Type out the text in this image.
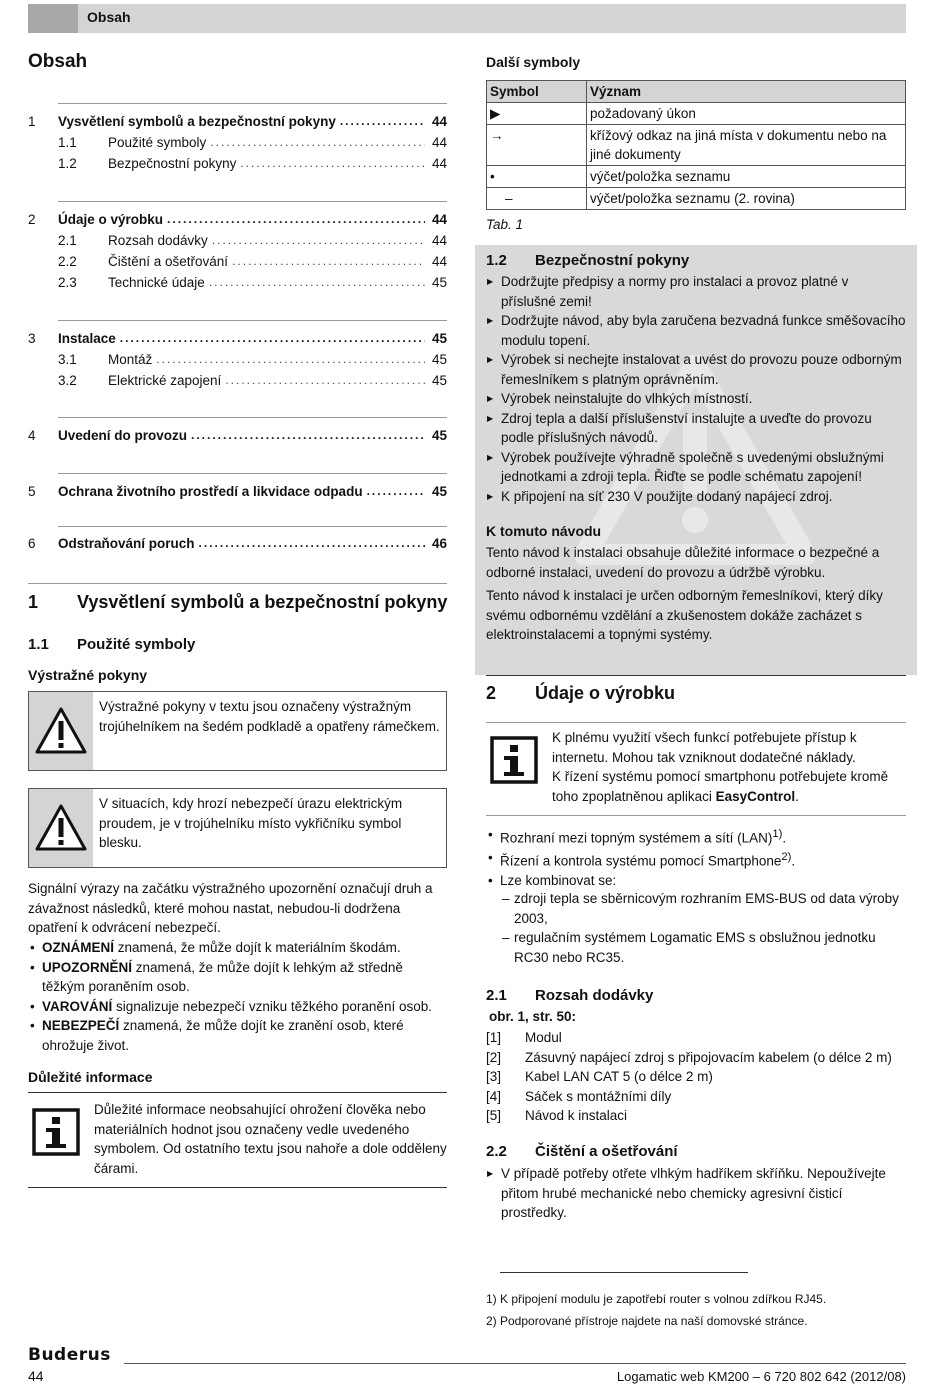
Obsah
Obsah
1	Vysvětlení symbolů a bezpečnostní pokyny .....	44
1.1	Použité symboly .....	44
1.2	Bezpečnostní pokyny .....	44
2	Údaje o výrobku .....	44
2.1	Rozsah dodávky .....	44
2.2	Čištění a ošetřování .....	44
2.3	Technické údaje .....	45
3	Instalace .....	45
3.1	Montáž .....	45
3.2	Elektrické zapojení .....	45
4	Uvedení do provozu .....	45
5	Ochrana životního prostředí a likvidace odpadu .....	45
6	Odstraňování poruch .....	46
1 Vysvětlení symbolů a bezpečnostní pokyny
1.1 Použité symboly
Výstražné pokyny
Výstražné pokyny v textu jsou označeny výstražným trojúhelníkem na šedém podkladě a opatřeny rámečkem.
V situacích, kdy hrozí nebezpečí úrazu elektrickým proudem, je v trojúhelníku místo vykřičníku symbol blesku.
Signální výrazy na začátku výstražného upozornění označují druh a závažnost následků, které mohou nastat, nebudou-li dodržena opatření k odvrácení nebezpečí.
• OZNÁMENÍ znamená, že může dojít k materiálním škodám.
• UPOZORNĚNÍ znamená, že může dojít k lehkým až středně těžkým poraněním osob.
• VAROVÁNÍ signalizuje nebezpečí vzniku těžkého poranění osob.
• NEBEZPEČÍ znamená, že může dojít ke zranění osob, které ohrožuje život.
Důležité informace
Důležité informace neobsahující ohrožení člověka nebo materiálních hodnot jsou označeny vedle uvedeného symbolem. Od ostatního textu jsou nahoře a dole odděleny čárami.
Další symboly
Symbol	Význam
▶	požadovaný úkon
→	křížový odkaz na jiná místa v dokumentu nebo na jiné dokumenty
•	výčet/položka seznamu
–	výčet/položka seznamu (2. rovina)
Tab. 1
1.2 Bezpečnostní pokyny
▶ Dodržujte předpisy a normy pro instalaci a provoz platné v příslušné zemi!
▶ Dodržujte návod, aby byla zaručena bezvadná funkce směšovacího modulu topení.
▶ Výrobek si nechejte instalovat a uvést do provozu pouze odborným řemeslníkem s platným oprávněním.
▶ Výrobek neinstalujte do vlhkých místností.
▶ Zdroj tepla a další příslušenství instalujte a uveďte do provozu podle příslušných návodů.
▶ Výrobek používejte výhradně společně s uvedenými obslužnými jednotkami a zdroji tepla. Řiďte se podle schématu zapojení!
▶ K připojení na síť 230 V použijte dodaný napájecí zdroj.
K tomuto návodu
Tento návod k instalaci obsahuje důležité informace o bezpečné a odborné instalaci, uvedení do provozu a údržbě výrobku.
Tento návod k instalaci je určen odborným řemeslníkovi, který díky svému odbornému vzdělání a zkušenostem dokáže zacházet s elektroinstalacemi a topnými systémy.
2 Údaje o výrobku
K plnému využití všech funkcí potřebujete přístup k internetu. Mohou tak vzniknout dodatečné náklady.
K řízení systému pomocí smartphonu potřebujete kromě toho zpoplatněnou aplikaci EasyControl.
• Rozhraní mezi topným systémem a sítí (LAN)$^{1)}$.
• Řízení a kontrola systému pomocí Smartphone$^{2)}$.
• Lze kombinovat se:
– zdroji tepla se sběrnicovým rozhraním EMS-BUS od data výroby 2003,
– regulačním systémem Logamatic EMS s obslužnou jednotku RC30 nebo RC35.
2.1 Rozsah dodávky
obr. 1, str. 50:
[1]	Modul
[2]	Zásuvný napájecí zdroj s připojovacím kabelem (o délce 2 m)
[3]	Kabel LAN CAT 5 (o délce 2 m)
[4]	Sáček s montážními díly
[5]	Návod k instalaci
2.2 Čištění a ošetřování
▶ V případě potřeby otřete vlhkým hadříkem skříňku. Nepoužívejte přitom hrubé mechanické nebo chemicky agresivní čisticí prostředky.
1) K připojení modulu je zapotřebí router s volnou zdířkou RJ45.
2) Podporované přístroje najdete na naší domovské stránce.
Buderus
44	Logamatic web KM200 – 6 720 802 642 (2012/08)
